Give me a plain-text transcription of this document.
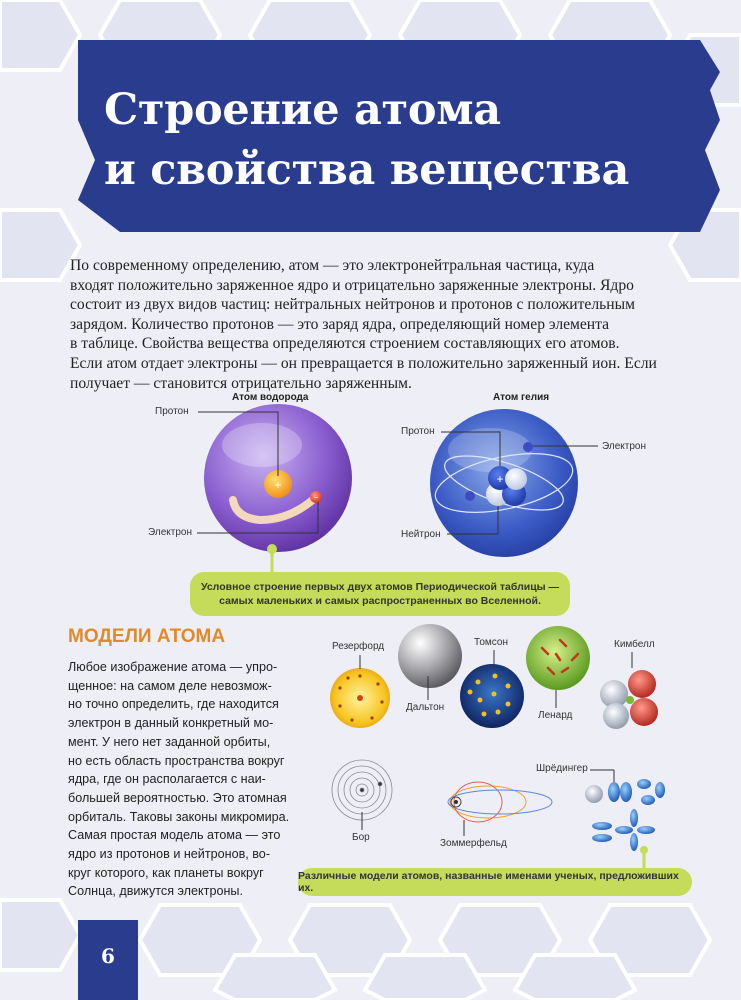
Строение атома
и свойства вещества

По современному определению, атом — это электронейтральная частица, куда
входят положительно заряженное ядро и отрицательно заряженные электроны. Ядро
состоит из двух видов частиц: нейтральных нейтронов и протонов с положительным
зарядом. Количество протонов — это заряд ядра, определяющий номер элемента
в таблице. Свойства вещества определяются строением составляющих его атомов.
Если атом отдает электроны — он превращается в положительно заряженный ион. Если
получает — становится отрицательно заряженным.

+
−
+
Атом водорода
Протон
Электрон
Атом гелия
Протон
Электрон
Нейтрон
Условное строение первых двух атомов Периодической таблицы — самых маленьких и самых распространенных во Вселенной.
МОДЕЛИ АТОМА

Любое изображение атома — упро-
щенное: на самом деле невозмож-
но точно определить, где находится
электрон в данный конкретный мо-
мент. У него нет заданной орбиты,
но есть область пространства вокруг
ядра, где он располагается с наи-
большей вероятностью. Это атомная
орбиталь. Таковы законы микромира.
Самая простая модель атома — это
ядро из протонов и нейтронов, во-
круг которого, как планеты вокруг
Солнца, движутся электроны.

Резерфорд
Дальтон
Томсон
Ленард
Кимбелл
Бор
Зоммерфельд
Шрёдингер
Различные модели атомов, названные именами ученых, предложивших их.
6
